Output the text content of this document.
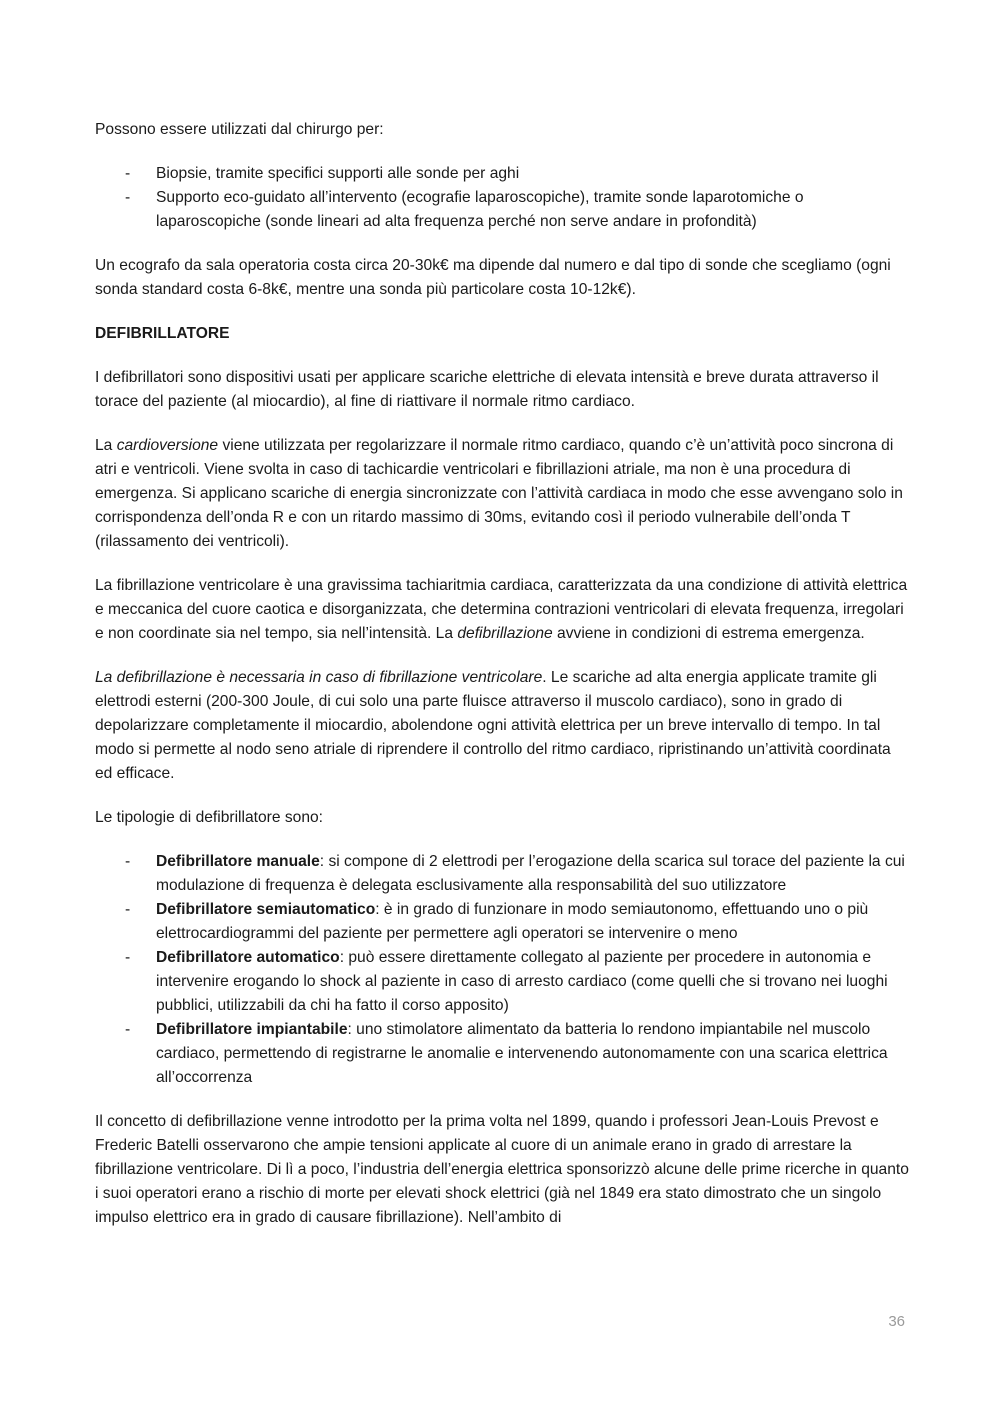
Possono essere utilizzati dal chirurgo per:

- Biopsie, tramite specifici supporti alle sonde per aghi
- Supporto eco-guidato all’intervento (ecografie laparoscopiche), tramite sonde laparotomiche o laparoscopiche (sonde lineari ad alta frequenza perché non serve andare in profondità)

Un ecografo da sala operatoria costa circa 20-30k€ ma dipende dal numero e dal tipo di sonde che scegliamo (ogni sonda standard costa 6-8k€, mentre una sonda più particolare costa 10-12k€).

DEFIBRILLATORE

I defibrillatori sono dispositivi usati per applicare scariche elettriche di elevata intensità e breve durata attraverso il torace del paziente (al miocardio), al fine di riattivare il normale ritmo cardiaco.

La cardioversione viene utilizzata per regolarizzare il normale ritmo cardiaco, quando c’è un’attività poco sincrona di atri e ventricoli. Viene svolta in caso di tachicardie ventricolari e fibrillazioni atriale, ma non è una procedura di emergenza. Si applicano scariche di energia sincronizzate con l’attività cardiaca in modo che esse avvengano solo in corrispondenza dell’onda R e con un ritardo massimo di 30ms, evitando così il periodo vulnerabile dell’onda T (rilassamento dei ventricoli).

La fibrillazione ventricolare è una gravissima tachiaritmia cardiaca, caratterizzata da una condizione di attività elettrica e meccanica del cuore caotica e disorganizzata, che determina contrazioni ventricolari di elevata frequenza, irregolari e non coordinate sia nel tempo, sia nell’intensità. La defibrillazione avviene in condizioni di estrema emergenza.

La defibrillazione è necessaria in caso di fibrillazione ventricolare. Le scariche ad alta energia applicate tramite gli elettrodi esterni (200-300 Joule, di cui solo una parte fluisce attraverso il muscolo cardiaco), sono in grado di depolarizzare completamente il miocardio, abolendone ogni attività elettrica per un breve intervallo di tempo. In tal modo si permette al nodo seno atriale di riprendere il controllo del ritmo cardiaco, ripristinando un’attività coordinata ed efficace.

Le tipologie di defibrillatore sono:

- Defibrillatore manuale: si compone di 2 elettrodi per l’erogazione della scarica sul torace del paziente la cui modulazione di frequenza è delegata esclusivamente alla responsabilità del suo utilizzatore
- Defibrillatore semiautomatico: è in grado di funzionare in modo semiautonomo, effettuando uno o più elettrocardiogrammi del paziente per permettere agli operatori se intervenire o meno
- Defibrillatore automatico: può essere direttamente collegato al paziente per procedere in autonomia e intervenire erogando lo shock al paziente in caso di arresto cardiaco (come quelli che si trovano nei luoghi pubblici, utilizzabili da chi ha fatto il corso apposito)
- Defibrillatore impiantabile: uno stimolatore alimentato da batteria lo rendono impiantabile nel muscolo cardiaco, permettendo di registrarne le anomalie e intervenendo autonomamente con una scarica elettrica all’occorrenza

Il concetto di defibrillazione venne introdotto per la prima volta nel 1899, quando i professori Jean-Louis Prevost e Frederic Batelli osservarono che ampie tensioni applicate al cuore di un animale erano in grado di arrestare la fibrillazione ventricolare. Di lì a poco, l’industria dell’energia elettrica sponsorizzò alcune delle prime ricerche in quanto i suoi operatori erano a rischio di morte per elevati shock elettrici (già nel 1849 era stato dimostrato che un singolo impulso elettrico era in grado di causare fibrillazione). Nell’ambito di

36
